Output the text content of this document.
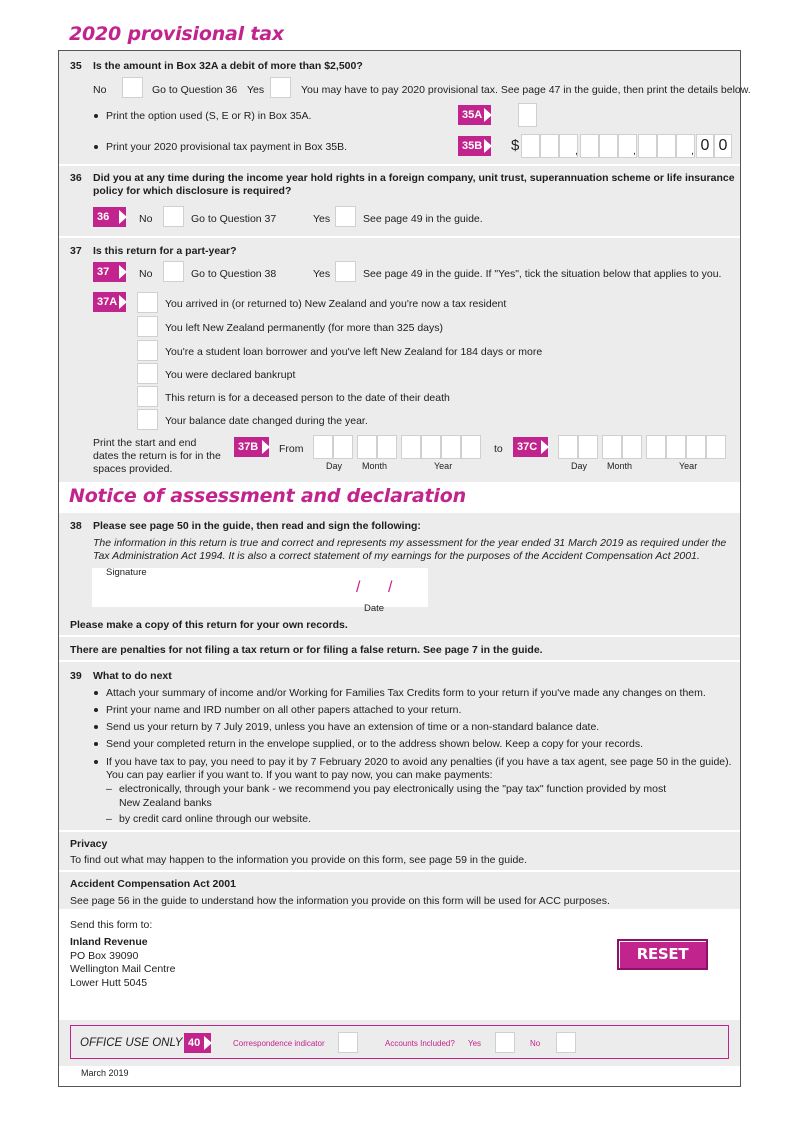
2020 provisional tax
35 Is the amount in Box 32A a debit of more than $2,500?
No	Go to Question 36 Yes	You may have to pay 2020 provisional tax. See page 47 in the guide, then print the details below.
Print the option used (S, E or R) in Box 35A.	35A
Print your 2020 provisional tax payment in Box 35B.	35B	$	,	,	, 0 0
36 Did you at any time during the income year hold rights in a foreign company, unit trust, superannuation scheme or life insurance
policy for which disclosure is required?
36	No	Go to Question 37	Yes	See page 49 in the guide.
37 Is this return for a part-year?
37	No	Go to Question 38	Yes	See page 49 in the guide. If "Yes", tick the situation below that applies to you.
37A	You arrived in (or returned to) New Zealand and you're now a tax resident
You left New Zealand permanently (for more than 325 days)
You're a student loan borrower and you've left New Zealand for 184 days or more
You were declared bankrupt
This return is for a deceased person to the date of their death
Your balance date changed during the year.
Print the start and end
dates the return is for in the
spaces provided.
37B	From
Day Month	Year
to	37C
Day Month	Year
Notice of assessment and declaration
38 Please see page 50 in the guide, then read and sign the following:
The information in this return is true and correct and represents my assessment for the year ended 31 March 2019 as required under the
Tax Administration Act 1994. It is also a correct statement of my earnings for the purposes of the Accident Compensation Act 2001.
Signature
/ /
Date
Please make a copy of this return for your own records.
There are penalties for not filing a tax return or for filing a false return. See page 7 in the guide.
39 What to do next
Attach your summary of income and/or Working for Families Tax Credits form to your return if you've made any changes on them.
Print your name and IRD number on all other papers attached to your return.
Send us your return by 7 July 2019, unless you have an extension of time or a non-standard balance date.
Send your completed return in the envelope supplied, or to the address shown below. Keep a copy for your records.
If you have tax to pay, you need to pay it by 7 February 2020 to avoid any penalties (if you have a tax agent, see page 50 in the guide).
You can pay earlier if you want to. If you want to pay now, you can make payments:
– electronically, through your bank - we recommend you pay electronically using the "pay tax" function provided by most
New Zealand banks
– by credit card online through our website.
Privacy
To find out what may happen to the information you provide on this form, see page 59 in the guide.
Accident Compensation Act 2001
See page 56 in the guide to understand how the information you provide on this form will be used for ACC purposes.
Send this form to:
Inland Revenue
PO Box 39090
Wellington Mail Centre
Lower Hutt 5045
RESET FORM
OFFICE USE ONLY 40	Correspondence indicator	Accounts Included? Yes	No
March 2019
